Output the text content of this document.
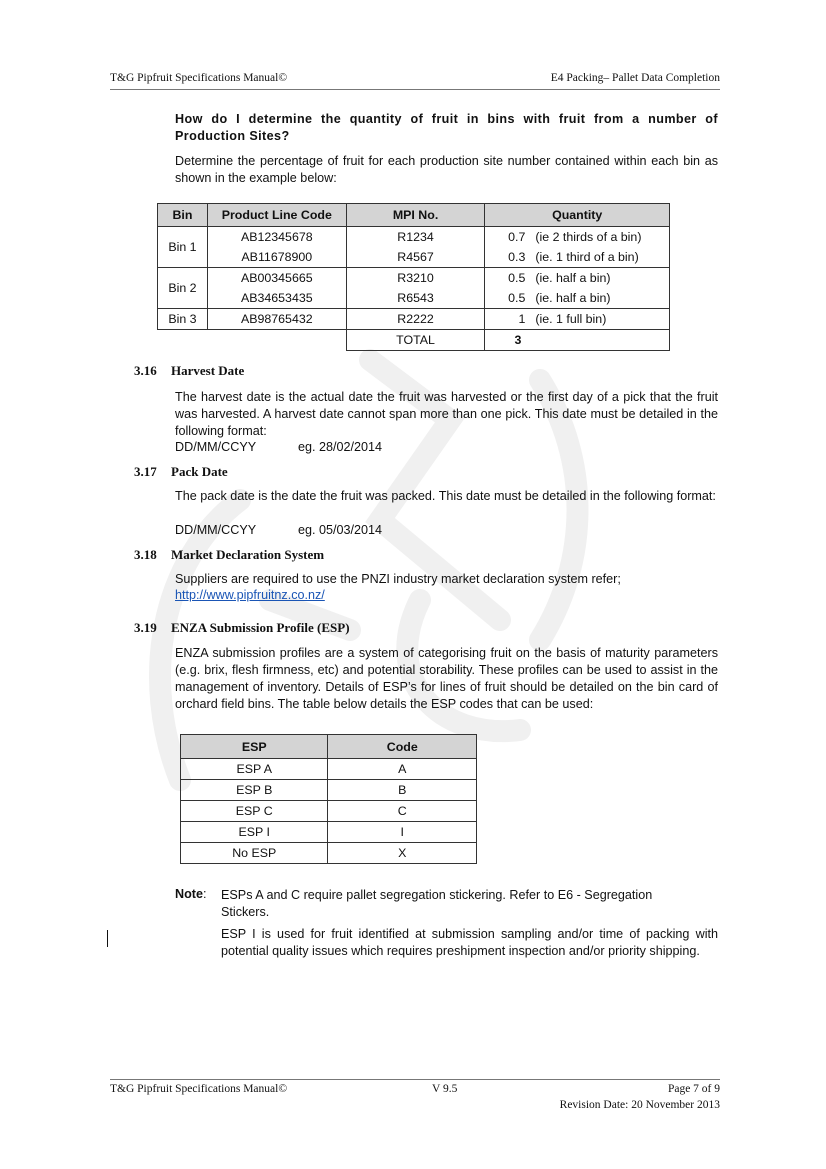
T&G Pipfruit Specifications Manual©	E4 Packing– Pallet Data Completion
How do I determine the quantity of fruit in bins with fruit from a number of Production Sites?
Determine the percentage of fruit for each production site number contained within each bin as shown in the example below:
Bin	Product Line Code	MPI No.	Quantity
Bin 1	AB12345678	R1234	0.7 (ie 2 thirds of a bin)
	AB11678900	R4567	0.3 (ie. 1 third of a bin)
Bin 2	AB00345665	R3210	0.5 (ie. half a bin)
	AB34653435	R6543	0.5 (ie. half a bin)
Bin 3	AB98765432	R2222	1 (ie. 1 full bin)
		TOTAL	3
3.16 Harvest Date
The harvest date is the actual date the fruit was harvested or the first day of a pick that the fruit was harvested. A harvest date cannot span more than one pick. This date must be detailed in the following format:
DD/MM/CCYY	eg. 28/02/2014
3.17 Pack Date
The pack date is the date the fruit was packed. This date must be detailed in the following format:
DD/MM/CCYY	eg. 05/03/2014
3.18 Market Declaration System
Suppliers are required to use the PNZI industry market declaration system refer;
http://www.pipfruitnz.co.nz/
3.19 ENZA Submission Profile (ESP)
ENZA submission profiles are a system of categorising fruit on the basis of maturity parameters (e.g. brix, flesh firmness, etc) and potential storability. These profiles can be used to assist in the management of inventory. Details of ESP’s for lines of fruit should be detailed on the bin card of orchard field bins. The table below details the ESP codes that can be used:
ESP	Code
ESP A	A
ESP B	B
ESP C	C
ESP I	I
No ESP	X
Note: ESPs A and C require pallet segregation stickering. Refer to E6 - Segregation Stickers.
ESP I is used for fruit identified at submission sampling and/or time of packing with potential quality issues which requires preshipment inspection and/or priority shipping.
T&G Pipfruit Specifications Manual©	V 9.5	Page 7 of 9
Revision Date: 20 November 2013
